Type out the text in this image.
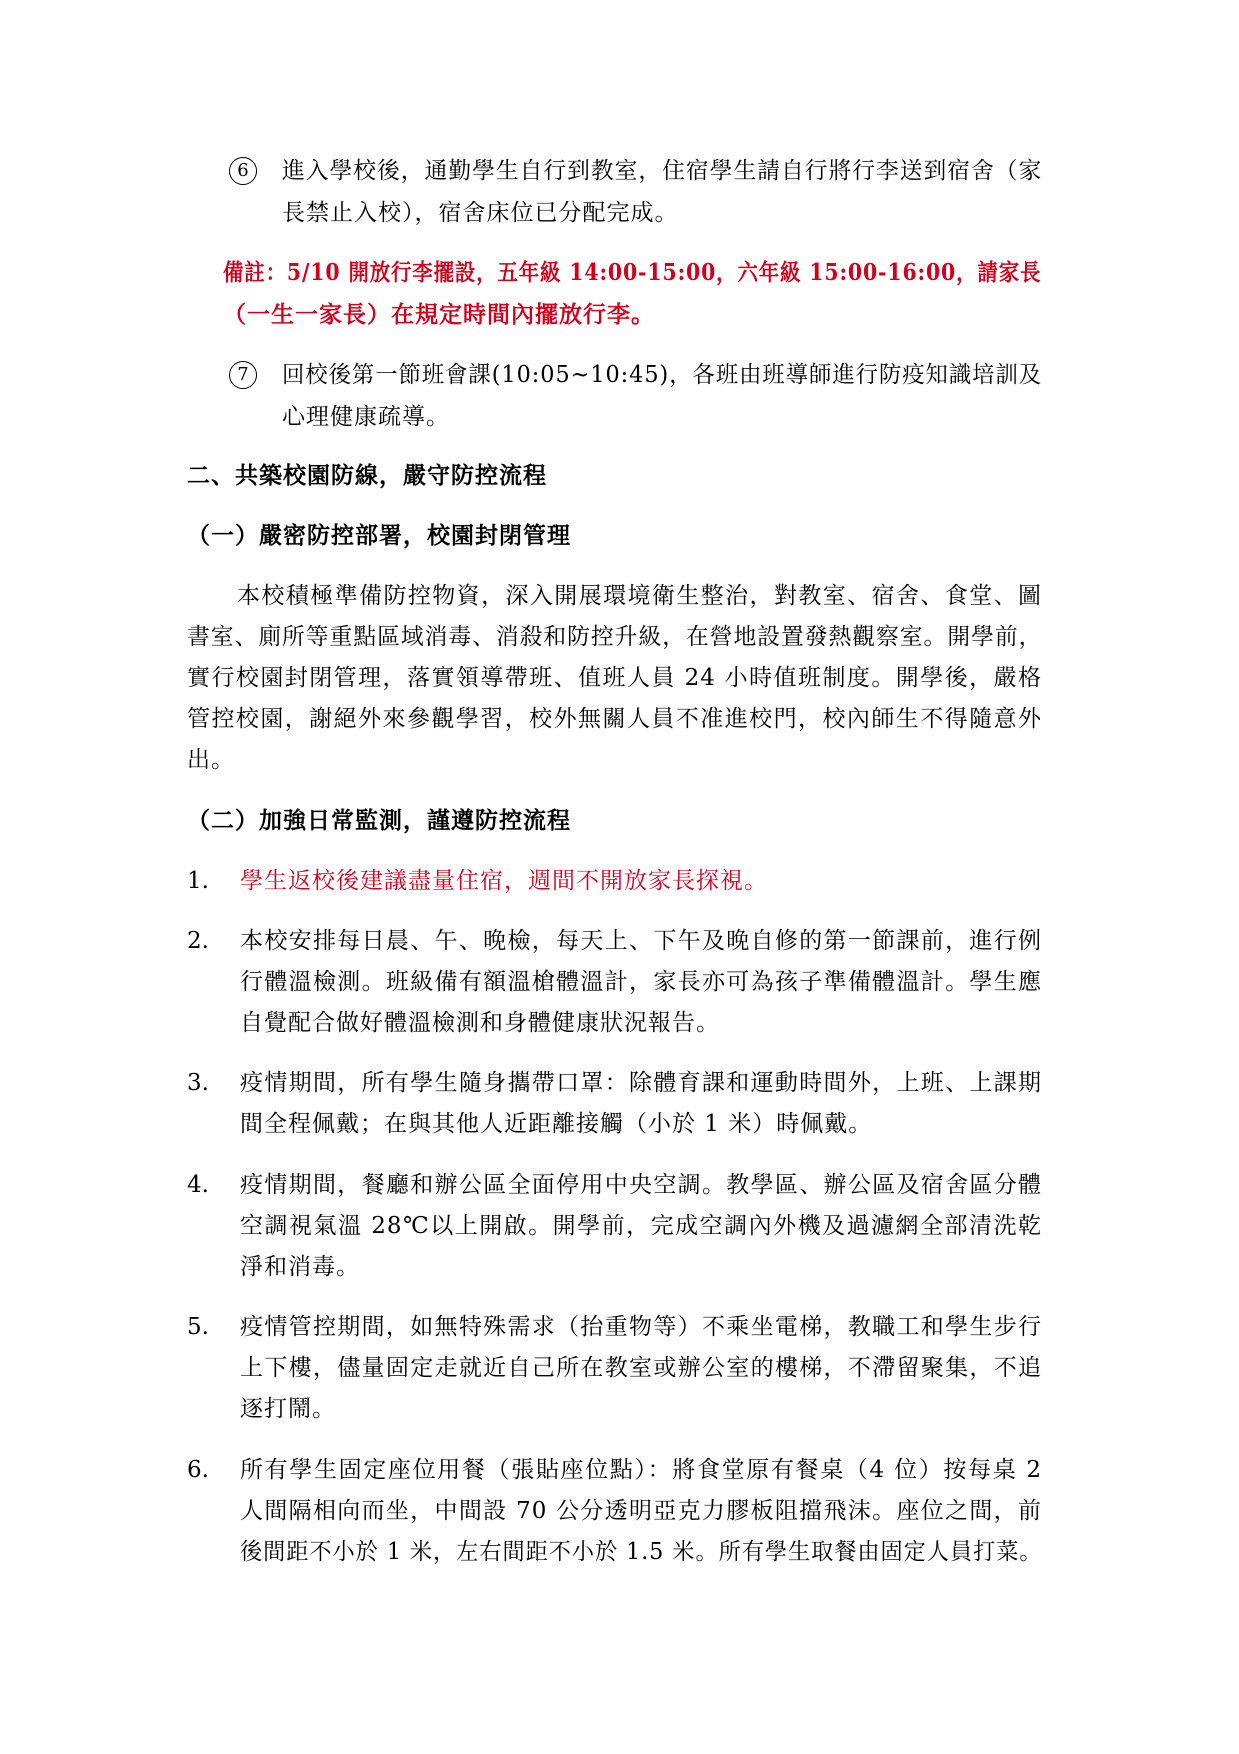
6	進入學校後，通勤學生自行到教室，住宿學生請自行將行李送到宿舍（家
長禁止入校），宿舍床位已分配完成。
備註：5/10 開放行李擺設，五年級 14:00-15:00，六年級 15:00-16:00，請家長
（一生一家長）在規定時間內擺放行李。
7	回校後第一節班會課(10:05~10:45)，各班由班導師進行防疫知識培訓及
心理健康疏導。
二、共築校園防線，嚴守防控流程
（一）嚴密防控部署，校園封閉管理
本校積極準備防控物資，深入開展環境衛生整治，對教室、宿舍、食堂、圖
書室、廁所等重點區域消毒、消殺和防控升級，在營地設置發熱觀察室。開學前，
實行校園封閉管理，落實領導帶班、值班人員 24 小時值班制度。開學後，嚴格
管控校園，謝絕外來參觀學習，校外無關人員不准進校門，校內師生不得隨意外
出。
（二）加強日常監測，謹遵防控流程
1. 學生返校後建議盡量住宿，週間不開放家長探視。
2. 本校安排每日晨、午、晚檢，每天上、下午及晚自修的第一節課前，進行例
行體溫檢測。班級備有額溫槍體溫計，家長亦可為孩子準備體溫計。學生應
自覺配合做好體溫檢測和身體健康狀況報告。
3. 疫情期間，所有學生隨身攜帶口罩：除體育課和運動時間外，上班、上課期
間全程佩戴；在與其他人近距離接觸（小於 1 米）時佩戴。
4. 疫情期間，餐廳和辦公區全面停用中央空調。教學區、辦公區及宿舍區分體
空調視氣溫 28℃以上開啟。開學前，完成空調內外機及過濾網全部清洗乾
淨和消毒。
5. 疫情管控期間，如無特殊需求（抬重物等）不乘坐電梯，教職工和學生步行
上下樓，儘量固定走就近自己所在教室或辦公室的樓梯，不滯留聚集，不追
逐打鬧。
6. 所有學生固定座位用餐（張貼座位點）：將食堂原有餐桌（4 位）按每桌 2
人間隔相向而坐，中間設 70 公分透明亞克力膠板阻擋飛沫。座位之間，前
後間距不小於 1 米，左右間距不小於 1.5 米。所有學生取餐由固定人員打菜。
